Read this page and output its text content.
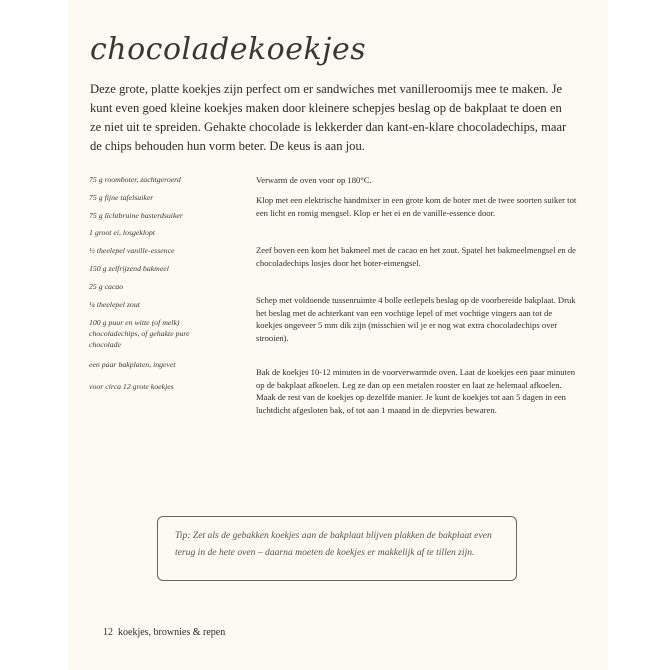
chocoladekoekjes

Deze grote, platte koekjes zijn perfect om er sandwiches met vanilleroomijs mee te maken. Je kunt even goed kleine koekjes maken door kleinere schepjes beslag op de bakplaat te doen en ze niet uit te spreiden. Gehakte chocolade is lekkerder dan kant-en-klare chocoladechips, maar de chips behouden hun vorm beter. De keus is aan jou.

75 g roomboter, zachtgeroerd
75 g fijne tafelsuiker
75 g lichtbruine basterdsuiker
1 groot ei, losgeklopt
½ theelepel vanille-essence
150 g zelfrijzend bakmeel
25 g cacao
¼ theelepel zout
100 g puur en witte (of melk) chocoladechips, of gehakte pure chocolade
een paar bakplaten, ingevet
voor circa 12 grote koekjes

Verwarm de oven voor op 180°C.

Klop met een elektrische handmixer in een grote kom de boter met de twee soorten suiker tot een licht en romig mengsel. Klop er het ei en de vanille-essence door.

Zeef boven een kom het bakmeel met de cacao en het zout. Spatel het bakmeelmengsel en de chocoladechips losjes door het boter-eimengsel.

Schep met voldoende tussenruimte 4 bolle eetlepels beslag op de voorbereide bakplaat. Druk het beslag met de achterkant van een vochtige lepel of met vochtige vingers aan tot de koekjes ongeveer 5 mm dik zijn (misschien wil je er nog wat extra chocoladechips over strooien).

Bak de koekjes 10-12 minuten in de voorverwarmde oven. Laat de koekjes een paar minuten op de bakplaat afkoelen. Leg ze dan op een metalen rooster en laat ze helemaal afkoelen. Maak de rest van de koekjes op dezelfde manier. Je kunt de koekjes tot aan 5 dagen in een luchtdicht afgesloten bak, of tot aan 1 maand in de diepvries bewaren.

Tip: Zet als de gebakken koekjes aan de bakplaat blijven plakken de bakplaat even terug in de hete oven – daarna moeten de koekjes er makkelijk af te tillen zijn.
12 koekjes, brownies & repen
